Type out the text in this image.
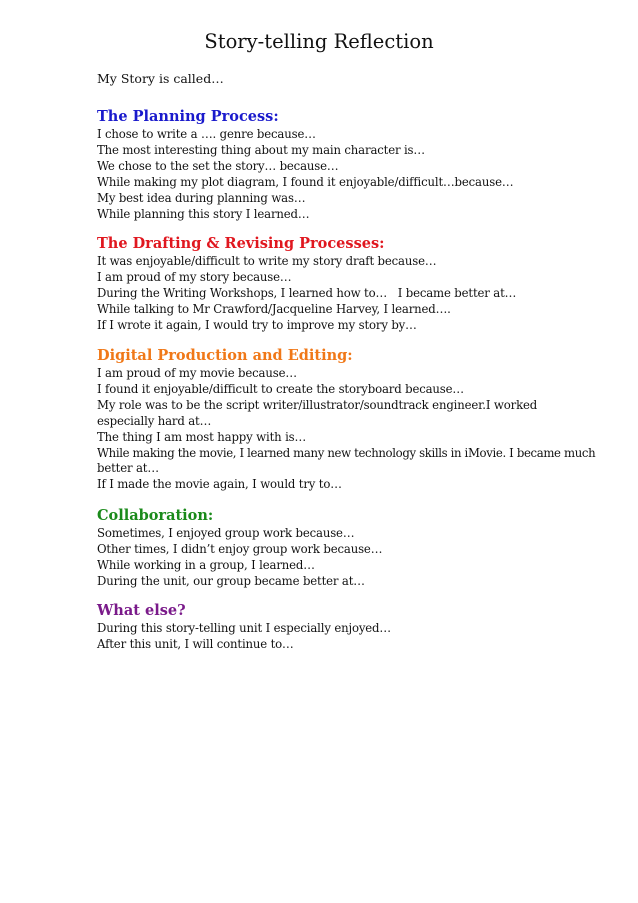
Story-telling Reflection
My Story is called…
The Planning Process:
I chose to write a …. genre because…
The most interesting thing about my main character is…
We chose to the set the story… because…
While making my plot diagram, I found it enjoyable/difficult…because…
My best idea during planning was…
While planning this story I learned…
The Drafting & Revising Processes:
It was enjoyable/difficult to write my story draft because…
I am proud of my story because…
During the Writing Workshops, I learned how to…   I became better at…
While talking to Mr Crawford/Jacqueline Harvey, I learned….
If I wrote it again, I would try to improve my story by…
Digital Production and Editing:
I am proud of my movie because…
I found it enjoyable/difficult to create the storyboard because…
My role was to be the script writer/illustrator/soundtrack engineer.I worked
especially hard at…
The thing I am most happy with is…
While making the movie, I learned many new technology skills in iMovie. I became much
better at…
If I made the movie again, I would try to…
Collaboration:
Sometimes, I enjoyed group work because…
Other times, I didn’t enjoy group work because…
While working in a group, I learned…
During the unit, our group became better at…
What else?
During this story-telling unit I especially enjoyed…
After this unit, I will continue to…
